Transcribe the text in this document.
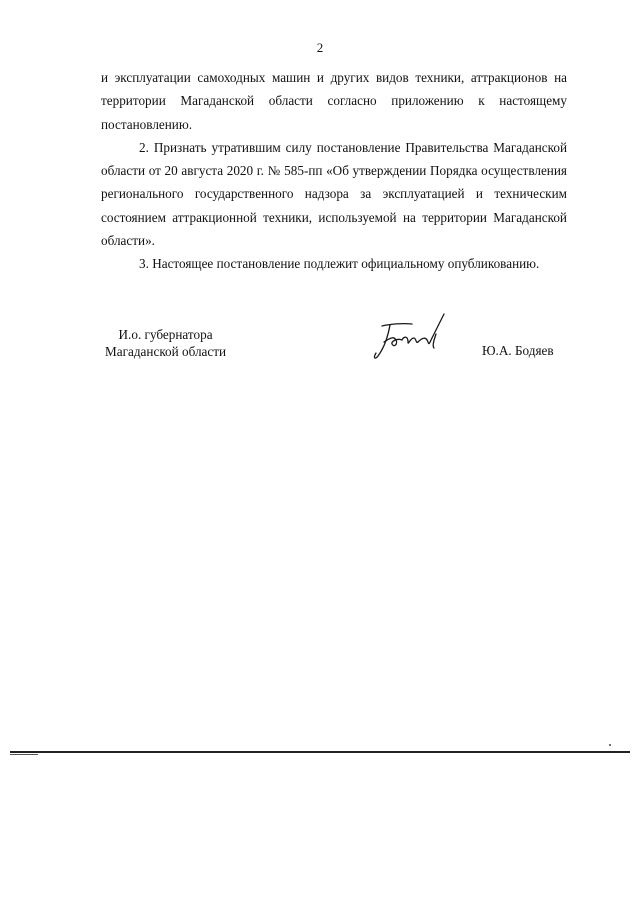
2

и эксплуатации самоходных машин и других видов техники, аттракционов на территории Магаданской области согласно приложению к настоящему постановлению.

2. Признать утратившим силу постановление Правительства Магаданской области от 20 августа 2020 г. № 585-пп «Об утверждении Порядка осуществления регионального государственного надзора за эксплуатацией и техническим состоянием аттракционной техники, используемой на территории Магаданской области».

3. Настоящее постановление подлежит официальному опубликованию.

И.о. губернатора
Магаданской области	Ю.А. Бодяев
